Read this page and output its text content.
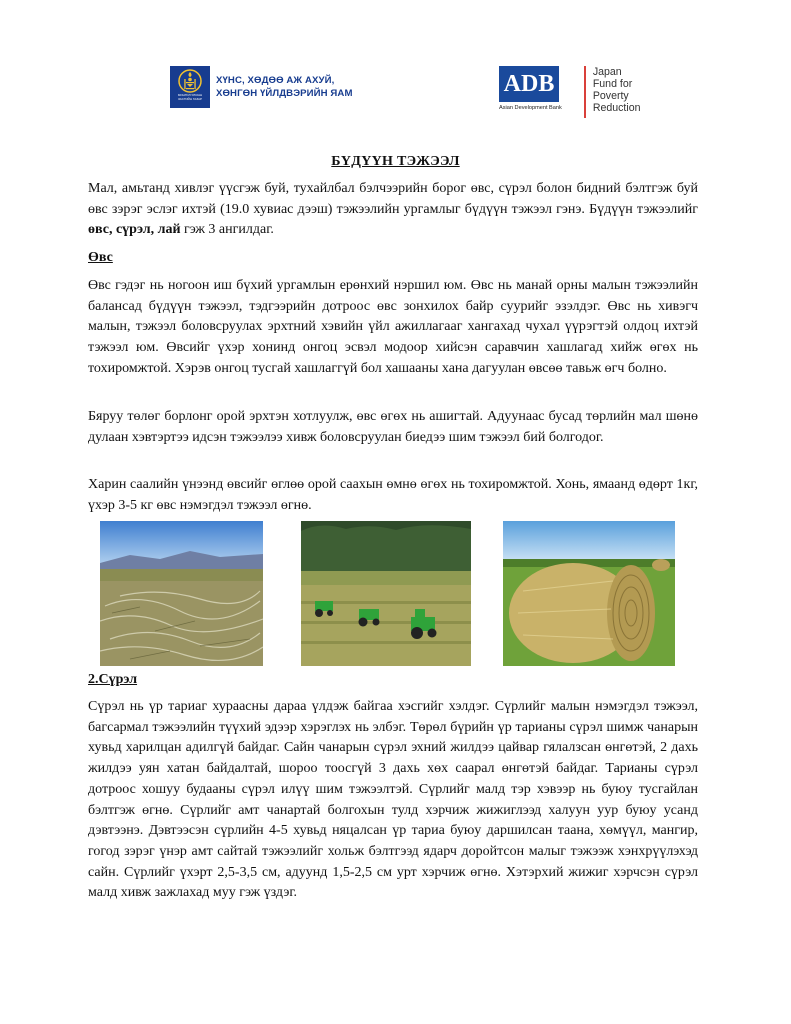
МОНГОЛ УЛСЫН
ЗАСГИЙН ГАЗАР
ХҮНС, ХӨДӨӨ АЖ АХУЙ,
ХӨНГӨН ҮЙЛДВЭРИЙН ЯАМ	ADB
Asian Development Bank
Japan
Fund for
Poverty
Reduction
БҮДҮҮН ТЭЖЭЭЛ

Мал, амьтанд хивлэг үүсгэж буй, тухайлбал бэлчээрийн борог өвс, сүрэл болон бидний бэлтгэж буй өвс зэрэг эслэг ихтэй (19.0 хувиас дээш) тэжээлийн ургамлыг бүдүүн тэжээл гэнэ. Бүдүүн тэжээлийг өвс, сүрэл, лай гэж 3 ангилдаг.

Өвс

Өвс гэдэг нь ногоон иш бүхий ургамлын ерөнхий нэршил юм. Өвс нь манай орны малын тэжээлийн балансад бүдүүн тэжээл, тэдгээрийн дотроос өвс зонхилох байр суурийг эзэлдэг. Өвс нь хивэгч малын, тэжээл боловсруулах эрхтний хэвийн үйл ажиллагааг хангахад чухал үүрэгтэй олдоц ихтэй тэжээл юм. Өвсийг үхэр хонинд онгоц эсвэл модоор хийсэн саравчин хашлагад хийж өгөх нь тохиромжтой. Хэрэв онгоц тусгай хашлаггүй бол хашааны хана дагуулан өвсөө тавьж өгч болно.

Бяруу төлөг борлонг орой эрхтэн хотлуулж, өвс өгөх нь ашигтай. Адуунаас бусад төрлийн мал шөнө дулаан хэвтэртээ идсэн тэжээлээ хивж боловсруулан биедээ шим тэжээл бий болгодог.

Харин саалийн үнээнд өвсийг өглөө орой саахын өмнө өгөх нь тохиромжтой. Хонь, ямаанд өдөрт 1кг, үхэр 3-5 кг өвс нэмэгдэл тэжээл өгнө.

2.Сүрэл

Сүрэл нь үр тариаг хураасны дараа үлдэж байгаа хэсгийг хэлдэг. Сүрлийг малын нэмэгдэл тэжээл, багсармал тэжээлийн түүхий эдээр хэрэглэх нь элбэг. Төрөл бүрийн үр тарианы сүрэл шимж чанарын хувьд харилцан адилгүй байдаг. Сайн чанарын сүрэл эхний жилдээ цайвар гялалзсан өнгөтэй, 2 дахь жилдээ уян хатан байдалтай, шороо тоосгүй 3 дахь хөх саарал өнгөтэй байдаг. Тарианы сүрэл дотроос хошуу будааны сүрэл илүү шим тэжээлтэй. Сүрлийг малд тэр хэвээр нь буюу тусгайлан бэлтгэж өгнө. Сүрлийг амт чанартай болгохын тулд хэрчиж жижиглээд халуун уур буюу усанд дэвтээнэ. Дэвтээсэн сүрлийн 4-5 хувьд няцалсан үр тариа буюу даршилсан таана, хөмүүл, мангир, гогод зэрэг үнэр амт сайтай тэжээлийг хольж бэлтгээд ядарч доройтсон малыг тэжээж хэнхрүүлэхэд сайн. Сүрлийг үхэрт 2,5-3,5 см, адуунд 1,5-2,5 см урт хэрчиж өгнө. Хэтэрхий жижиг хэрчсэн сүрэл малд хивж зажлахад муу гэж үздэг.
